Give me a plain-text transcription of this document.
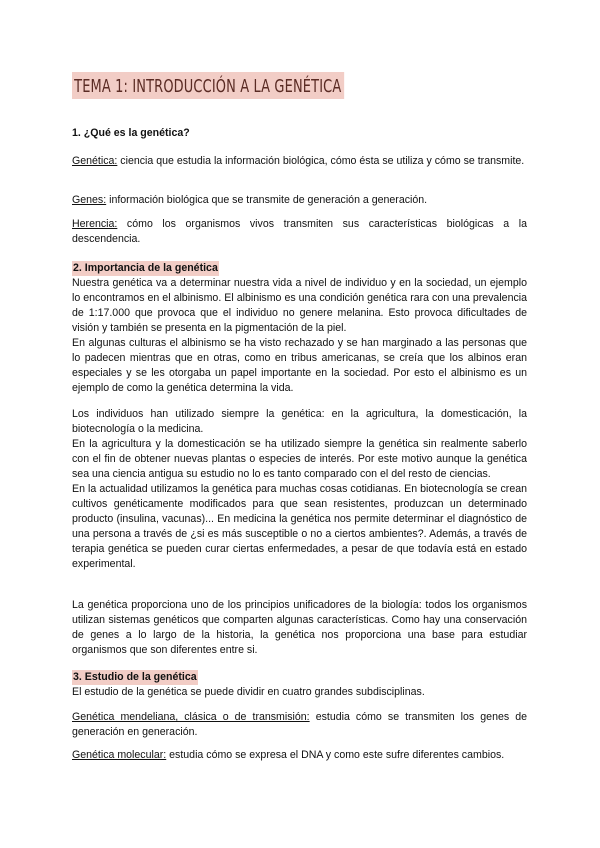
TEMA 1: INTRODUCCIÓN A LA GENÉTICA
1. ¿Qué es la genética?

Genética: ciencia que estudia la información biológica, cómo ésta se utiliza y cómo se transmite.

Genes: información biológica que se transmite de generación a generación.

Herencia: cómo los organismos vivos transmiten sus características biológicas a la descendencia.

2. Importancia de la genética

Nuestra genética va a determinar nuestra vida a nivel de individuo y en la sociedad, un ejemplo lo encontramos en el albinismo. El albinismo es una condición genética rara con una prevalencia de 1:17.000 que provoca que el individuo no genere melanina. Esto provoca dificultades de visión y también se presenta en la pigmentación de la piel.

En algunas culturas el albinismo se ha visto rechazado y se han marginado a las personas que lo padecen mientras que en otras, como en tribus americanas, se creía que los albinos eran especiales y se les otorgaba un papel importante en la sociedad. Por esto el albinismo es un ejemplo de como la genética determina la vida.

Los individuos han utilizado siempre la genética: en la agricultura, la domesticación, la biotecnología o la medicina.

En la agricultura y la domesticación se ha utilizado siempre la genética sin realmente saberlo con el fin de obtener nuevas plantas o especies de interés. Por este motivo aunque la genética sea una ciencia antigua su estudio no lo es tanto comparado con el del resto de ciencias.

En la actualidad utilizamos la genética para muchas cosas cotidianas. En biotecnología se crean cultivos genéticamente modificados para que sean resistentes, produzcan un determinado producto (insulina, vacunas)... En medicina la genética nos permite determinar el diagnóstico de una persona a través de ¿si es más susceptible o no a ciertos ambientes?. Además, a través de terapia genética se pueden curar ciertas enfermedades, a pesar de que todavía está en estado experimental.

La genética proporciona uno de los principios unificadores de la biología: todos los organismos utilizan sistemas genéticos que comparten algunas características. Como hay una conservación de genes a lo largo de la historia, la genética nos proporciona una base para estudiar organismos que son diferentes entre si.

3. Estudio de la genética

El estudio de la genética se puede dividir en cuatro grandes subdisciplinas.

Genética mendeliana, clásica o de transmisión: estudia cómo se transmiten los genes de generación en generación.

Genética molecular: estudia cómo se expresa el DNA y como este sufre diferentes cambios.
